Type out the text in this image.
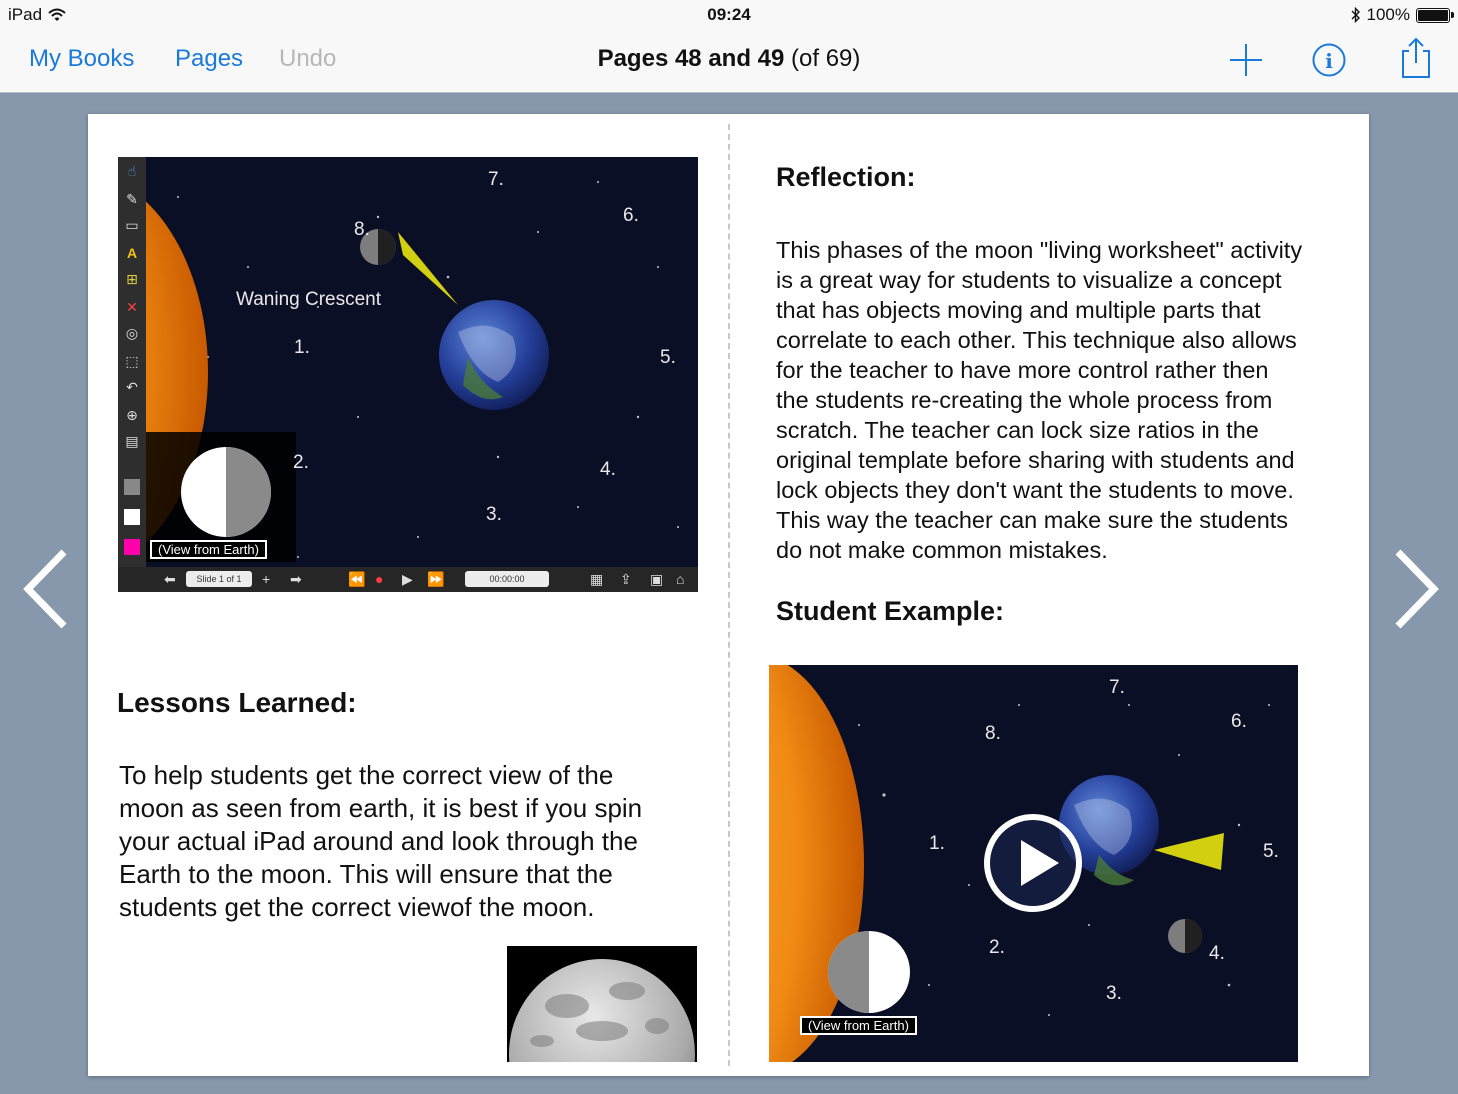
iPad	09:24	100%
My Books Pages Undo	Pages 48 and 49 (of 69)	i
Waning Crescent
2.
1.
3.
4.
5.
6.
7.
8.
(View from Earth)
☝
✎
▭
A
⊞
✕
◎
⬚
↶
⊕
▤
⬅	Slide 1 of 1	+ ➡	⏪ ● ▶ ⏩	00:00:00	▦ ⇪ ▣ ⌂
Lessons Learned:
To help students get the correct view of the
moon as seen from earth, it is best if you spin
your actual iPad around and look through the
Earth to the moon. This will ensure that the
students get the correct viewof the moon.
Reflection:
This phases of the moon "living worksheet" activity
is a great way for students to visualize a concept
that has objects moving and multiple parts that
correlate to each other. This technique also allows
for the teacher to have more control rather then
the students re-creating the whole process from
scratch. The teacher can lock size ratios in the
original template before sharing with students and
lock objects they don't want the students to move.
This way the teacher can make sure the students
do not make common mistakes.
Student Example:
1.
2.
3.
4.
5.
6.
7.
8.
(View from Earth)
